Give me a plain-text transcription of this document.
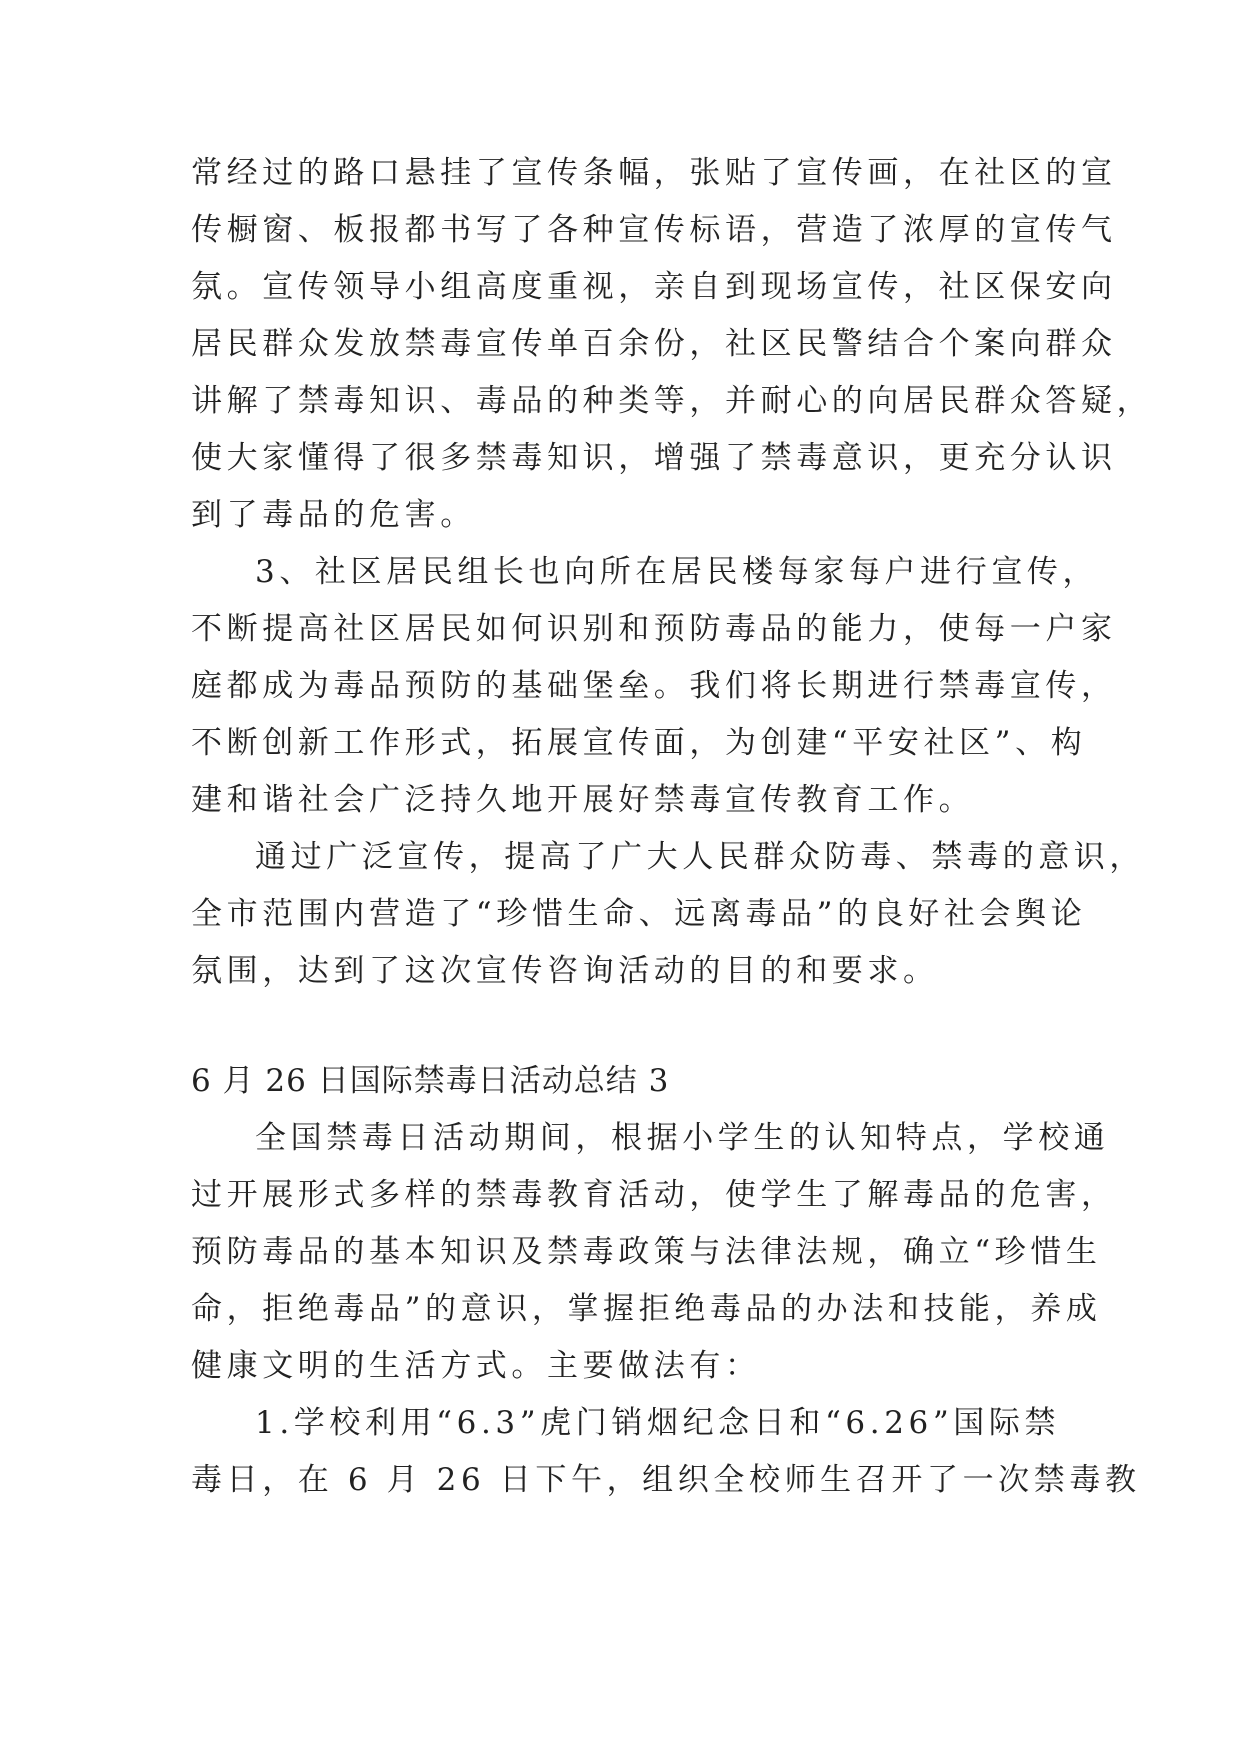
常经过的路口悬挂了宣传条幅，张贴了宣传画，在社区的宣

传橱窗、板报都书写了各种宣传标语，营造了浓厚的宣传气

氛。宣传领导小组高度重视，亲自到现场宣传，社区保安向

居民群众发放禁毒宣传单百余份，社区民警结合个案向群众

讲解了禁毒知识、毒品的种类等，并耐心的向居民群众答疑，

使大家懂得了很多禁毒知识，增强了禁毒意识，更充分认识

到了毒品的危害。

3、社区居民组长也向所在居民楼每家每户进行宣传，

不断提高社区居民如何识别和预防毒品的能力，使每一户家

庭都成为毒品预防的基础堡垒。我们将长期进行禁毒宣传，

不断创新工作形式，拓展宣传面，为创建“平安社区”、构

建和谐社会广泛持久地开展好禁毒宣传教育工作。

通过广泛宣传，提高了广大人民群众防毒、禁毒的意识，

全市范围内营造了“珍惜生命、远离毒品”的良好社会舆论

氛围，达到了这次宣传咨询活动的目的和要求。

6 月 26 日国际禁毒日活动总结 3

全国禁毒日活动期间，根据小学生的认知特点，学校通

过开展形式多样的禁毒教育活动，使学生了解毒品的危害，

预防毒品的基本知识及禁毒政策与法律法规，确立“珍惜生

命，拒绝毒品”的意识，掌握拒绝毒品的办法和技能，养成

健康文明的生活方式。主要做法有：

1.学校利用“6.3”虎门销烟纪念日和“6.26”国际禁

毒日，在 6 月 26 日下午，组织全校师生召开了一次禁毒教
